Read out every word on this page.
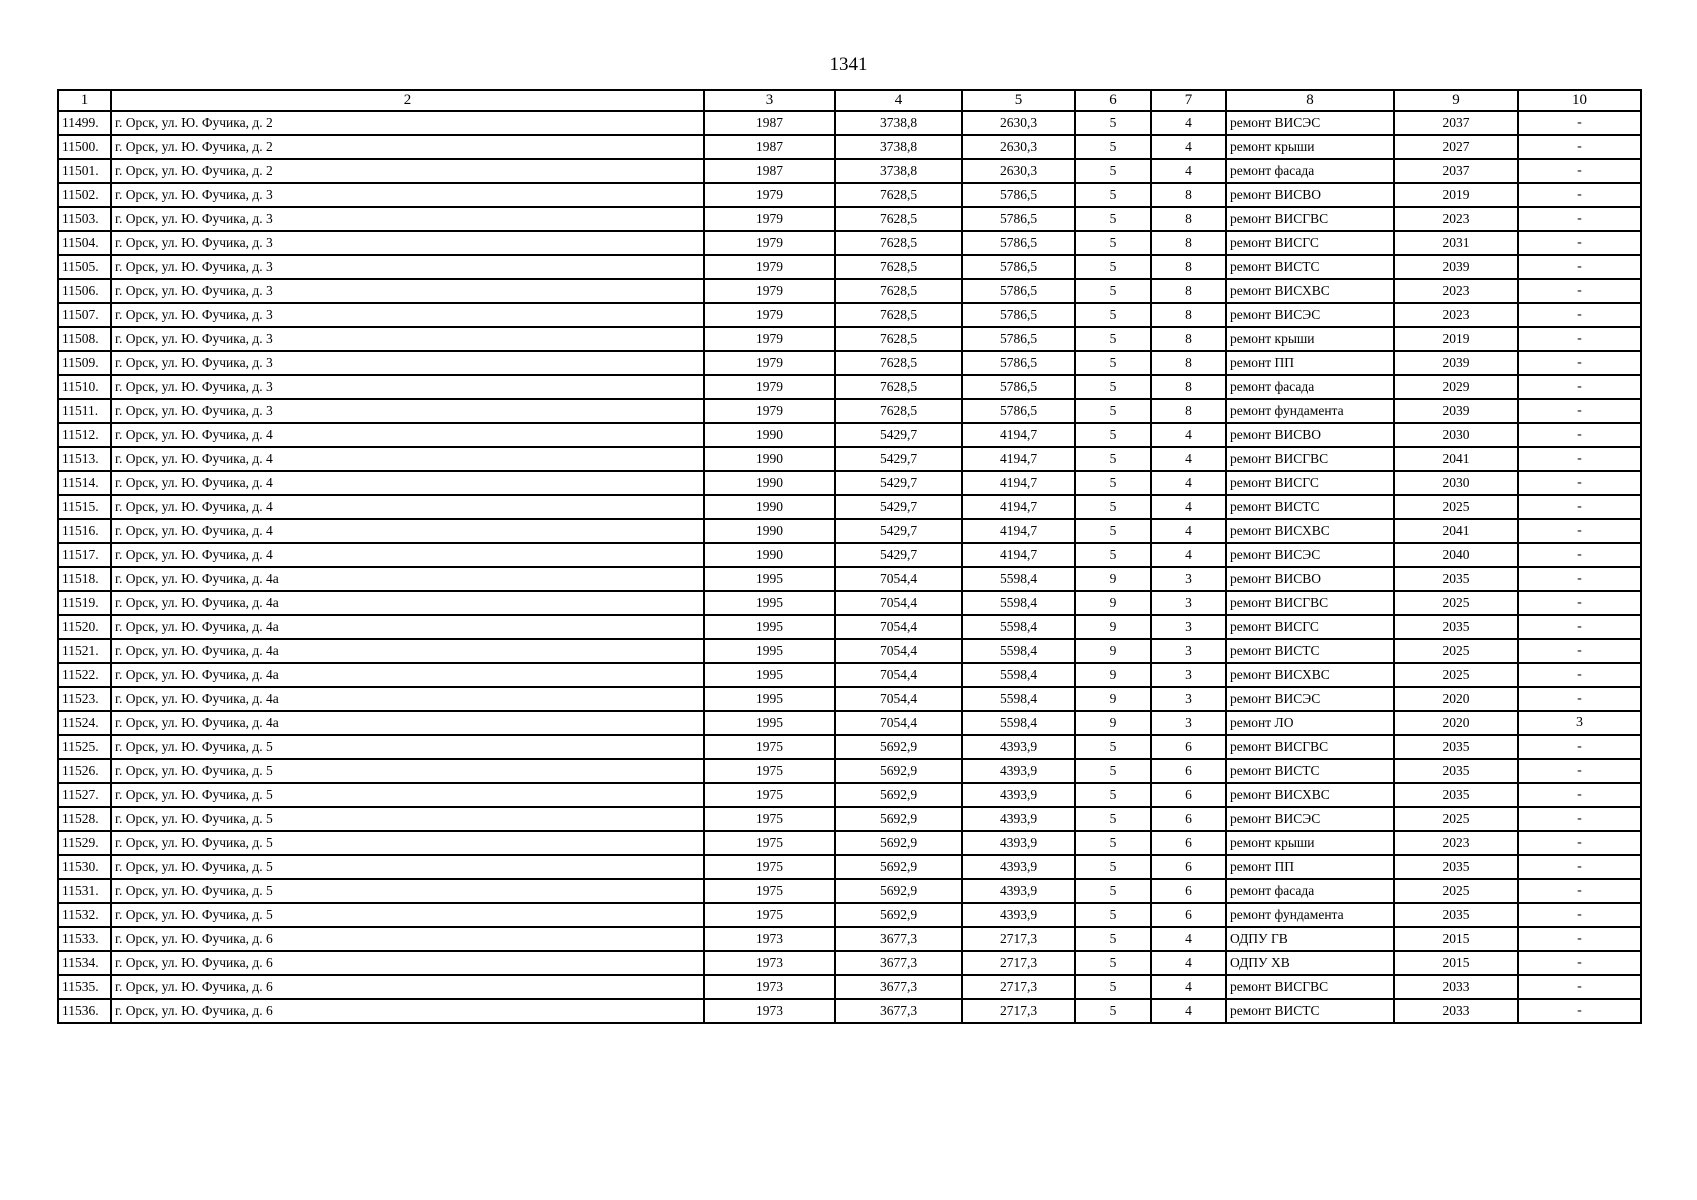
1341
1	2	3	4	5	6	7	8	9	10
11499.	г. Орск, ул. Ю. Фучика, д. 2	1987	3738,8	2630,3	5	4	ремонт ВИСЭС	2037	-
11500.	г. Орск, ул. Ю. Фучика, д. 2	1987	3738,8	2630,3	5	4	ремонт крыши	2027	-
11501.	г. Орск, ул. Ю. Фучика, д. 2	1987	3738,8	2630,3	5	4	ремонт фасада	2037	-
11502.	г. Орск, ул. Ю. Фучика, д. 3	1979	7628,5	5786,5	5	8	ремонт ВИСВО	2019	-
11503.	г. Орск, ул. Ю. Фучика, д. 3	1979	7628,5	5786,5	5	8	ремонт ВИСГВС	2023	-
11504.	г. Орск, ул. Ю. Фучика, д. 3	1979	7628,5	5786,5	5	8	ремонт ВИСГС	2031	-
11505.	г. Орск, ул. Ю. Фучика, д. 3	1979	7628,5	5786,5	5	8	ремонт ВИСТС	2039	-
11506.	г. Орск, ул. Ю. Фучика, д. 3	1979	7628,5	5786,5	5	8	ремонт ВИСХВС	2023	-
11507.	г. Орск, ул. Ю. Фучика, д. 3	1979	7628,5	5786,5	5	8	ремонт ВИСЭС	2023	-
11508.	г. Орск, ул. Ю. Фучика, д. 3	1979	7628,5	5786,5	5	8	ремонт крыши	2019	-
11509.	г. Орск, ул. Ю. Фучика, д. 3	1979	7628,5	5786,5	5	8	ремонт ПП	2039	-
11510.	г. Орск, ул. Ю. Фучика, д. 3	1979	7628,5	5786,5	5	8	ремонт фасада	2029	-
11511.	г. Орск, ул. Ю. Фучика, д. 3	1979	7628,5	5786,5	5	8	ремонт фундамента	2039	-
11512.	г. Орск, ул. Ю. Фучика, д. 4	1990	5429,7	4194,7	5	4	ремонт ВИСВО	2030	-
11513.	г. Орск, ул. Ю. Фучика, д. 4	1990	5429,7	4194,7	5	4	ремонт ВИСГВС	2041	-
11514.	г. Орск, ул. Ю. Фучика, д. 4	1990	5429,7	4194,7	5	4	ремонт ВИСГС	2030	-
11515.	г. Орск, ул. Ю. Фучика, д. 4	1990	5429,7	4194,7	5	4	ремонт ВИСТС	2025	-
11516.	г. Орск, ул. Ю. Фучика, д. 4	1990	5429,7	4194,7	5	4	ремонт ВИСХВС	2041	-
11517.	г. Орск, ул. Ю. Фучика, д. 4	1990	5429,7	4194,7	5	4	ремонт ВИСЭС	2040	-
11518.	г. Орск, ул. Ю. Фучика, д. 4а	1995	7054,4	5598,4	9	3	ремонт ВИСВО	2035	-
11519.	г. Орск, ул. Ю. Фучика, д. 4а	1995	7054,4	5598,4	9	3	ремонт ВИСГВС	2025	-
11520.	г. Орск, ул. Ю. Фучика, д. 4а	1995	7054,4	5598,4	9	3	ремонт ВИСГС	2035	-
11521.	г. Орск, ул. Ю. Фучика, д. 4а	1995	7054,4	5598,4	9	3	ремонт ВИСТС	2025	-
11522.	г. Орск, ул. Ю. Фучика, д. 4а	1995	7054,4	5598,4	9	3	ремонт ВИСХВС	2025	-
11523.	г. Орск, ул. Ю. Фучика, д. 4а	1995	7054,4	5598,4	9	3	ремонт ВИСЭС	2020	-
11524.	г. Орск, ул. Ю. Фучика, д. 4а	1995	7054,4	5598,4	9	3	ремонт ЛО	2020	3
11525.	г. Орск, ул. Ю. Фучика, д. 5	1975	5692,9	4393,9	5	6	ремонт ВИСГВС	2035	-
11526.	г. Орск, ул. Ю. Фучика, д. 5	1975	5692,9	4393,9	5	6	ремонт ВИСТС	2035	-
11527.	г. Орск, ул. Ю. Фучика, д. 5	1975	5692,9	4393,9	5	6	ремонт ВИСХВС	2035	-
11528.	г. Орск, ул. Ю. Фучика, д. 5	1975	5692,9	4393,9	5	6	ремонт ВИСЭС	2025	-
11529.	г. Орск, ул. Ю. Фучика, д. 5	1975	5692,9	4393,9	5	6	ремонт крыши	2023	-
11530.	г. Орск, ул. Ю. Фучика, д. 5	1975	5692,9	4393,9	5	6	ремонт ПП	2035	-
11531.	г. Орск, ул. Ю. Фучика, д. 5	1975	5692,9	4393,9	5	6	ремонт фасада	2025	-
11532.	г. Орск, ул. Ю. Фучика, д. 5	1975	5692,9	4393,9	5	6	ремонт фундамента	2035	-
11533.	г. Орск, ул. Ю. Фучика, д. 6	1973	3677,3	2717,3	5	4	ОДПУ ГВ	2015	-
11534.	г. Орск, ул. Ю. Фучика, д. 6	1973	3677,3	2717,3	5	4	ОДПУ ХВ	2015	-
11535.	г. Орск, ул. Ю. Фучика, д. 6	1973	3677,3	2717,3	5	4	ремонт ВИСГВС	2033	-
11536.	г. Орск, ул. Ю. Фучика, д. 6	1973	3677,3	2717,3	5	4	ремонт ВИСТС	2033	-
